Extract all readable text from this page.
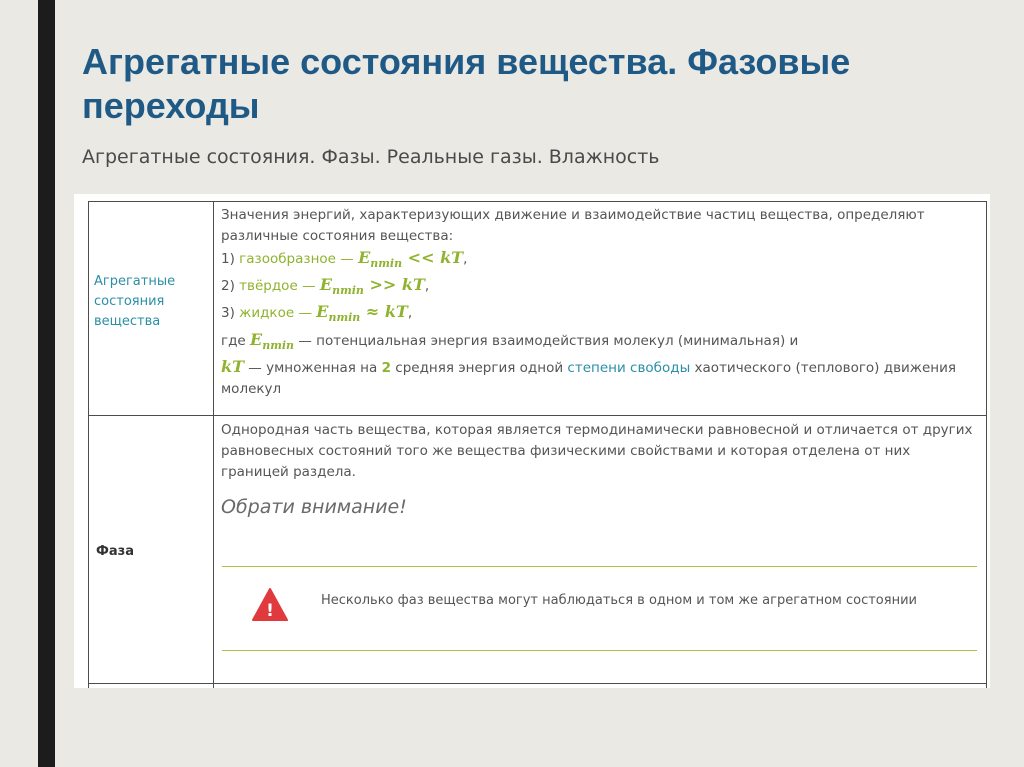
Агрегатные состояния вещества. Фазовые переходы

Агрегатные состояния. Фазы. Реальные газы. Влажность

Агрегатные состояния вещества
Значения энергий, характеризующих движение и взаимодействие частиц вещества, определяют различные состояния вещества:
1) газообразное — $E_{nmin}$ << kT,
2) твёрдое — $E_{nmin}$ >> kT,
3) жидкое — $E_{nmin}$ ≈ kT,
где $E_{nmin}$ — потенциальная энергия взаимодействия молекул (минимальная) и
kT — умноженная на 2 средняя энергия одной степени свободы хаотического (теплового) движения молекул
Фаза
Однородная часть вещества, которая является термодинамически равновесной и отличается от других равновесных состояний того же вещества физическими свойствами и которая отделена от них границей раздела.
Обрати внимание!
!
Несколько фаз вещества могут наблюдаться в одном и том же агрегатном состоянии
